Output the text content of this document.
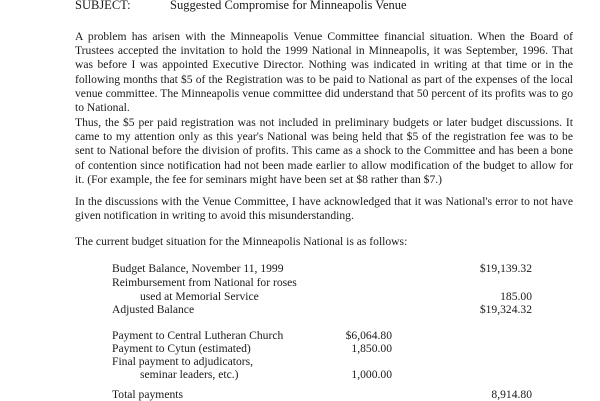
SUBJECT:	Suggested Compromise for Minneapolis Venue

A problem has arisen with the Minneapolis Venue Committee financial situation. When the Board of Trustees accepted the invitation to hold the 1999 National in Minneapolis, it was September, 1996. That was before I was appointed Executive Director. Nothing was indicated in writing at that time or in the following months that $5 of the Registration was to be paid to National as part of the expenses of the local venue committee. The Minneapolis venue committee did understand that 50 percent of its profits was to go to National.

Thus, the $5 per paid registration was not included in preliminary budgets or later budget discussions. It came to my attention only as this year's National was being held that $5 of the registration fee was to be sent to National before the division of profits. This came as a shock to the Committee and has been a bone of contention since notification had not been made earlier to allow modification of the budget to allow for it. (For example, the fee for seminars might have been set at $8 rather than $7.)

In the discussions with the Venue Committee, I have acknowledged that it was National's error to not have given notification in writing to avoid this misunderstanding.

The current budget situation for the Minneapolis National is as follows:

Budget Balance, November 11, 1999	$19,139.32
Reimbursement from National for roses
used at Memorial Service	185.00
Adjusted Balance	$19,324.32
Payment to Central Lutheran Church	$6,064.80
Payment to Cytun (estimated)	1,850.00
Final payment to adjudicators,
seminar leaders, etc.)	1,000.00
Total payments	8,914.80
